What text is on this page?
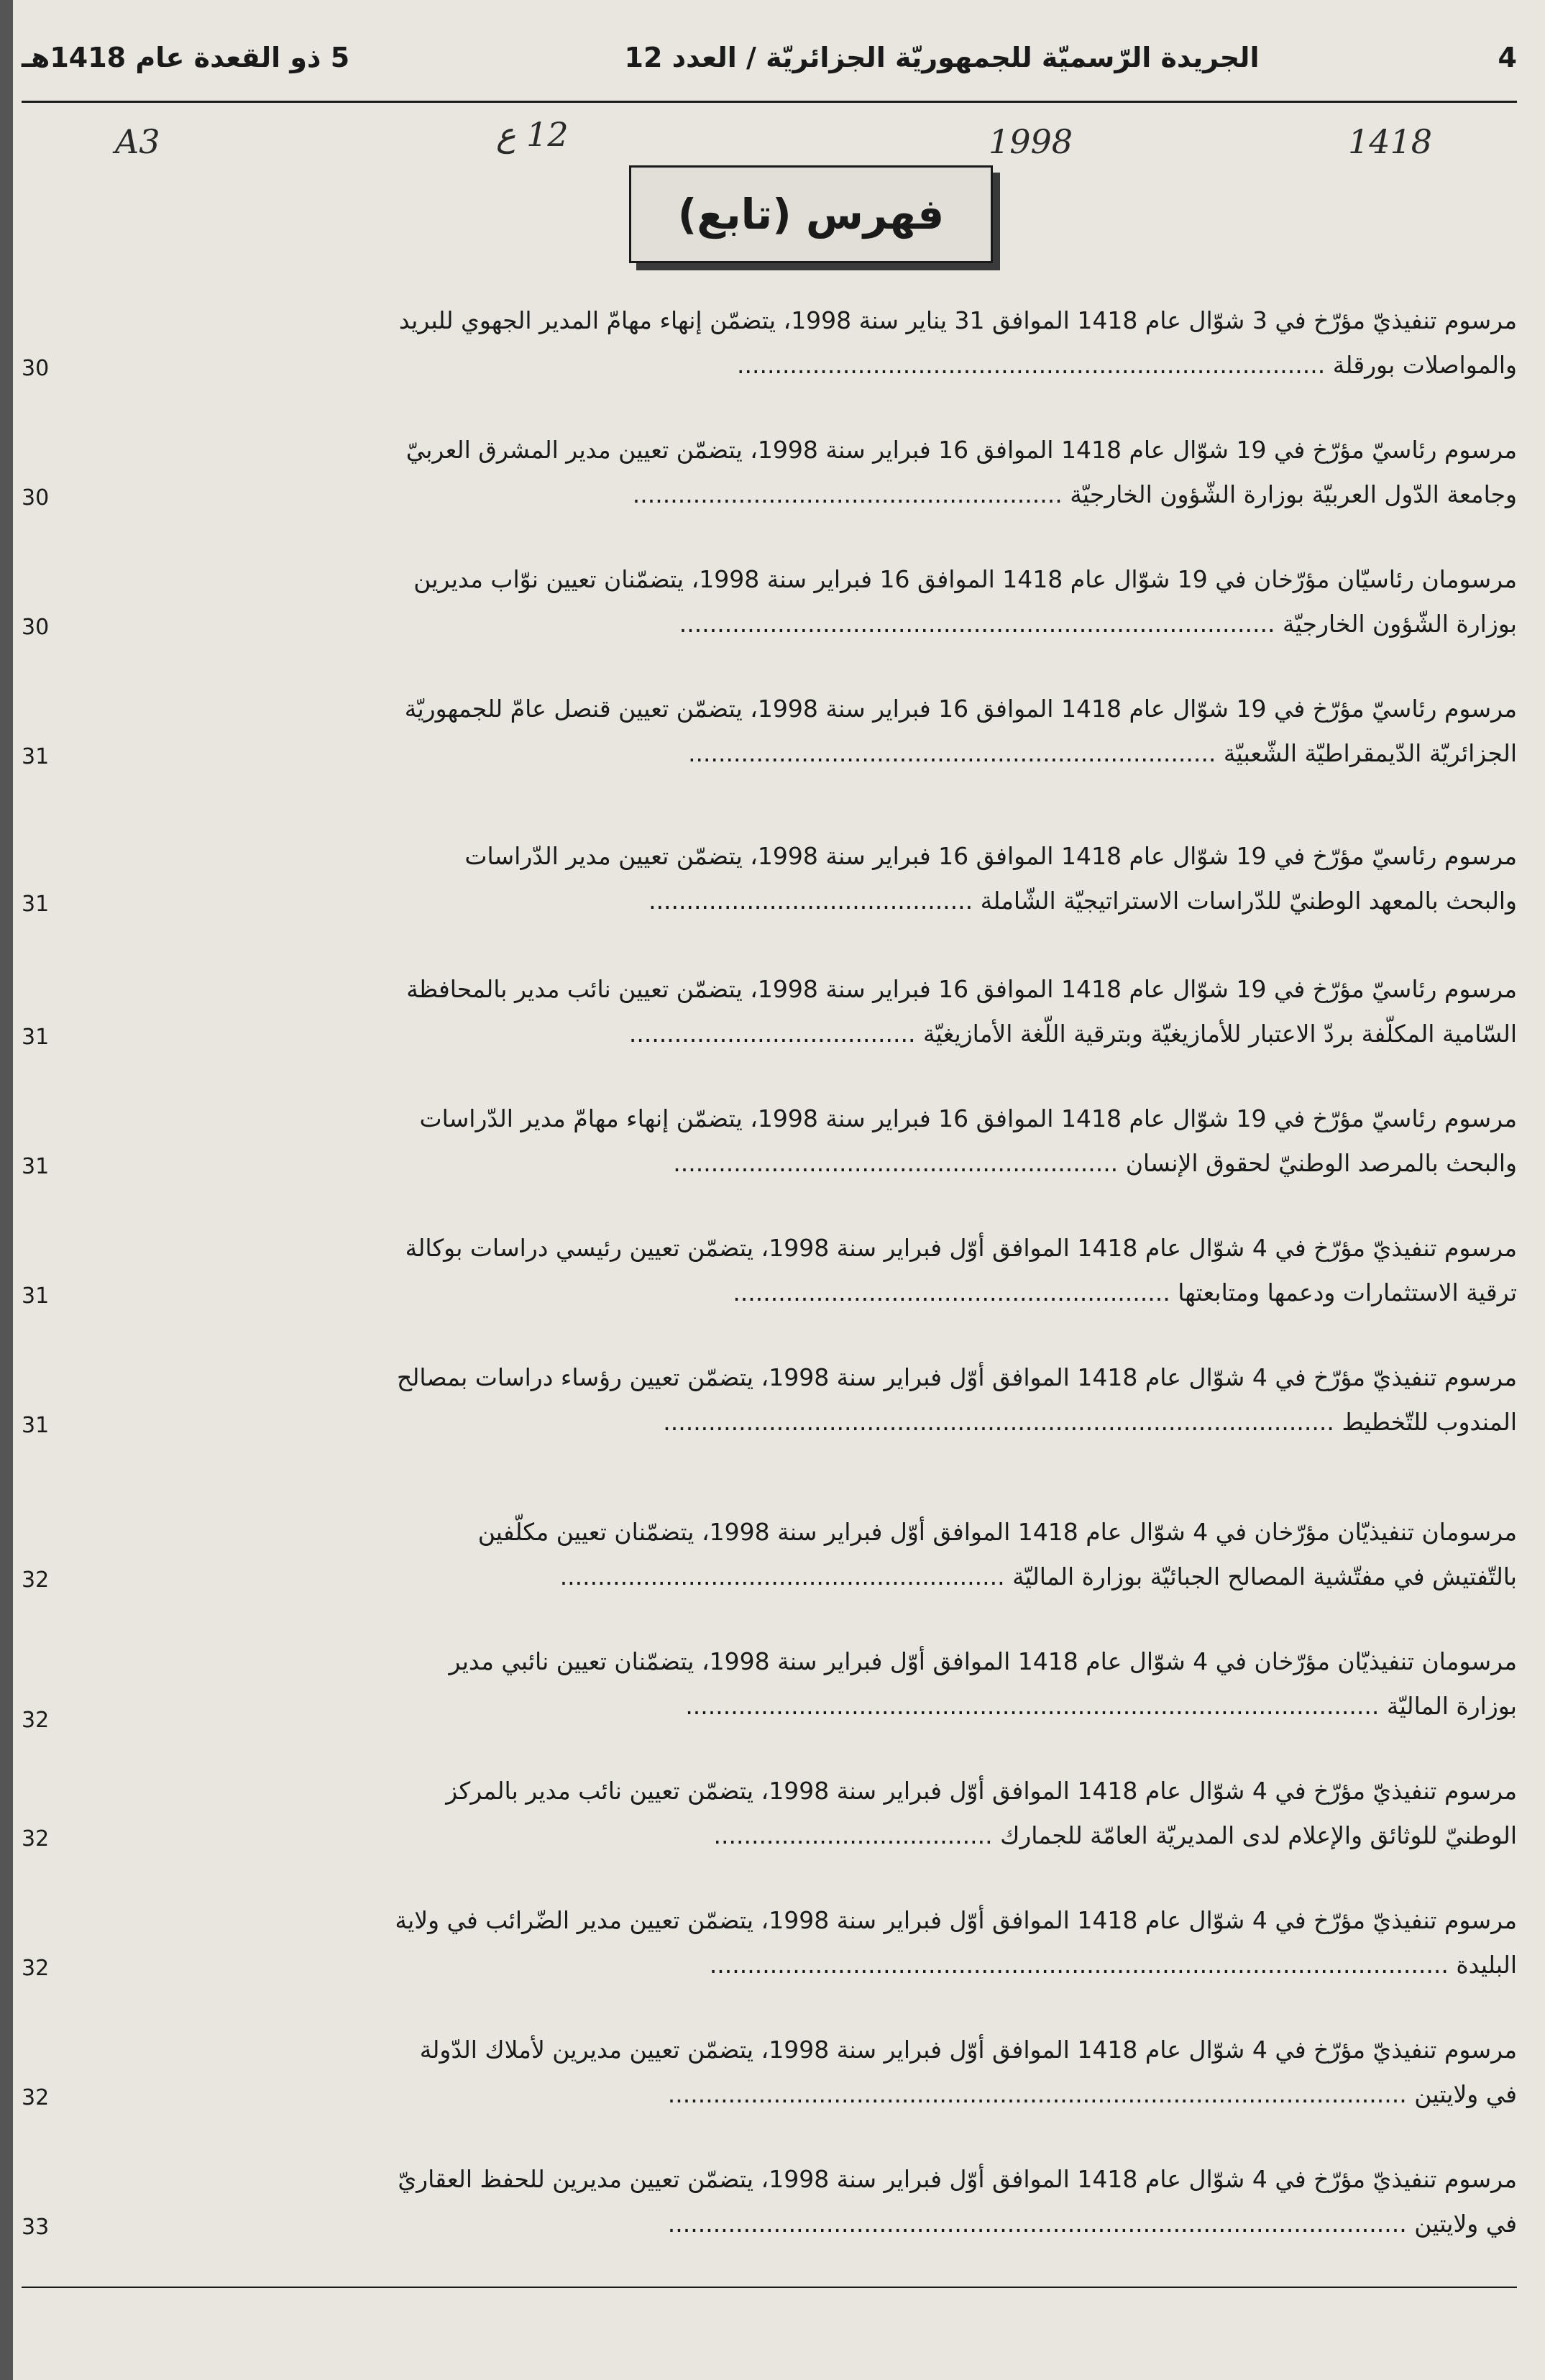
4
الجريدة الرّسميّة للجمهوريّة الجزائريّة / العدد 12
5 ذو القعدة عام 1418هـ
A3	12 ع	1998	1418
فهرس (تابع)
مرسوم تنفيذيّ مؤرّخ في 3 شوّال عام 1418 الموافق 31 يناير سنة 1998، يتضمّن إنهاء مهامّ المدير الجهوي للبريد
والمواصلات بورقلة ..............................................................................
30
مرسوم رئاسيّ مؤرّخ في 19 شوّال عام 1418 الموافق 16 فبراير سنة 1998، يتضمّن تعيين مدير المشرق العربيّ
وجامعة الدّول العربيّة بوزارة الشّؤون الخارجيّة .........................................................
30
مرسومان رئاسيّان مؤرّخان في 19 شوّال عام 1418 الموافق 16 فبراير سنة 1998، يتضمّنان تعيين نوّاب مديرين
بوزارة الشّؤون الخارجيّة ...............................................................................
30
مرسوم رئاسيّ مؤرّخ في 19 شوّال عام 1418 الموافق 16 فبراير سنة 1998، يتضمّن تعيين قنصل عامّ للجمهوريّة
الجزائريّة الدّيمقراطيّة الشّعبيّة ......................................................................
31
مرسوم رئاسيّ مؤرّخ في 19 شوّال عام 1418 الموافق 16 فبراير سنة 1998، يتضمّن تعيين مدير الدّراسات
والبحث بالمعهد الوطنيّ للدّراسات الاستراتيجيّة الشّاملة ...........................................
31
مرسوم رئاسيّ مؤرّخ في 19 شوّال عام 1418 الموافق 16 فبراير سنة 1998، يتضمّن تعيين نائب مدير بالمحافظة
السّامية المكلّفة بردّ الاعتبار للأمازيغيّة وبترقية اللّغة الأمازيغيّة ......................................
31
مرسوم رئاسيّ مؤرّخ في 19 شوّال عام 1418 الموافق 16 فبراير سنة 1998، يتضمّن إنهاء مهامّ مدير الدّراسات
والبحث بالمرصد الوطنيّ لحقوق الإنسان ...........................................................
31
مرسوم تنفيذيّ مؤرّخ في 4 شوّال عام 1418 الموافق أوّل فبراير سنة 1998، يتضمّن تعيين رئيسي دراسات بوكالة
ترقية الاستثمارات ودعمها ومتابعتها ..........................................................
31
مرسوم تنفيذيّ مؤرّخ في 4 شوّال عام 1418 الموافق أوّل فبراير سنة 1998، يتضمّن تعيين رؤساء دراسات بمصالح
المندوب للتّخطيط .........................................................................................
31
مرسومان تنفيذيّان مؤرّخان في 4 شوّال عام 1418 الموافق أوّل فبراير سنة 1998، يتضمّنان تعيين مكلّفين
بالتّفتيش في مفتّشية المصالح الجبائيّة بوزارة الماليّة ...........................................................
32
مرسومان تنفيذيّان مؤرّخان في 4 شوّال عام 1418 الموافق أوّل فبراير سنة 1998، يتضمّنان تعيين نائبي مدير
بوزارة الماليّة ............................................................................................
32
مرسوم تنفيذيّ مؤرّخ في 4 شوّال عام 1418 الموافق أوّل فبراير سنة 1998، يتضمّن تعيين نائب مدير بالمركز
الوطنيّ للوثائق والإعلام لدى المديريّة العامّة للجمارك .....................................
32
مرسوم تنفيذيّ مؤرّخ في 4 شوّال عام 1418 الموافق أوّل فبراير سنة 1998، يتضمّن تعيين مدير الضّرائب في ولاية
البليدة ..................................................................................................
32
مرسوم تنفيذيّ مؤرّخ في 4 شوّال عام 1418 الموافق أوّل فبراير سنة 1998، يتضمّن تعيين مديرين لأملاك الدّولة
في ولايتين ..................................................................................................
32
مرسوم تنفيذيّ مؤرّخ في 4 شوّال عام 1418 الموافق أوّل فبراير سنة 1998، يتضمّن تعيين مديرين للحفظ العقاريّ
في ولايتين ..................................................................................................
33
